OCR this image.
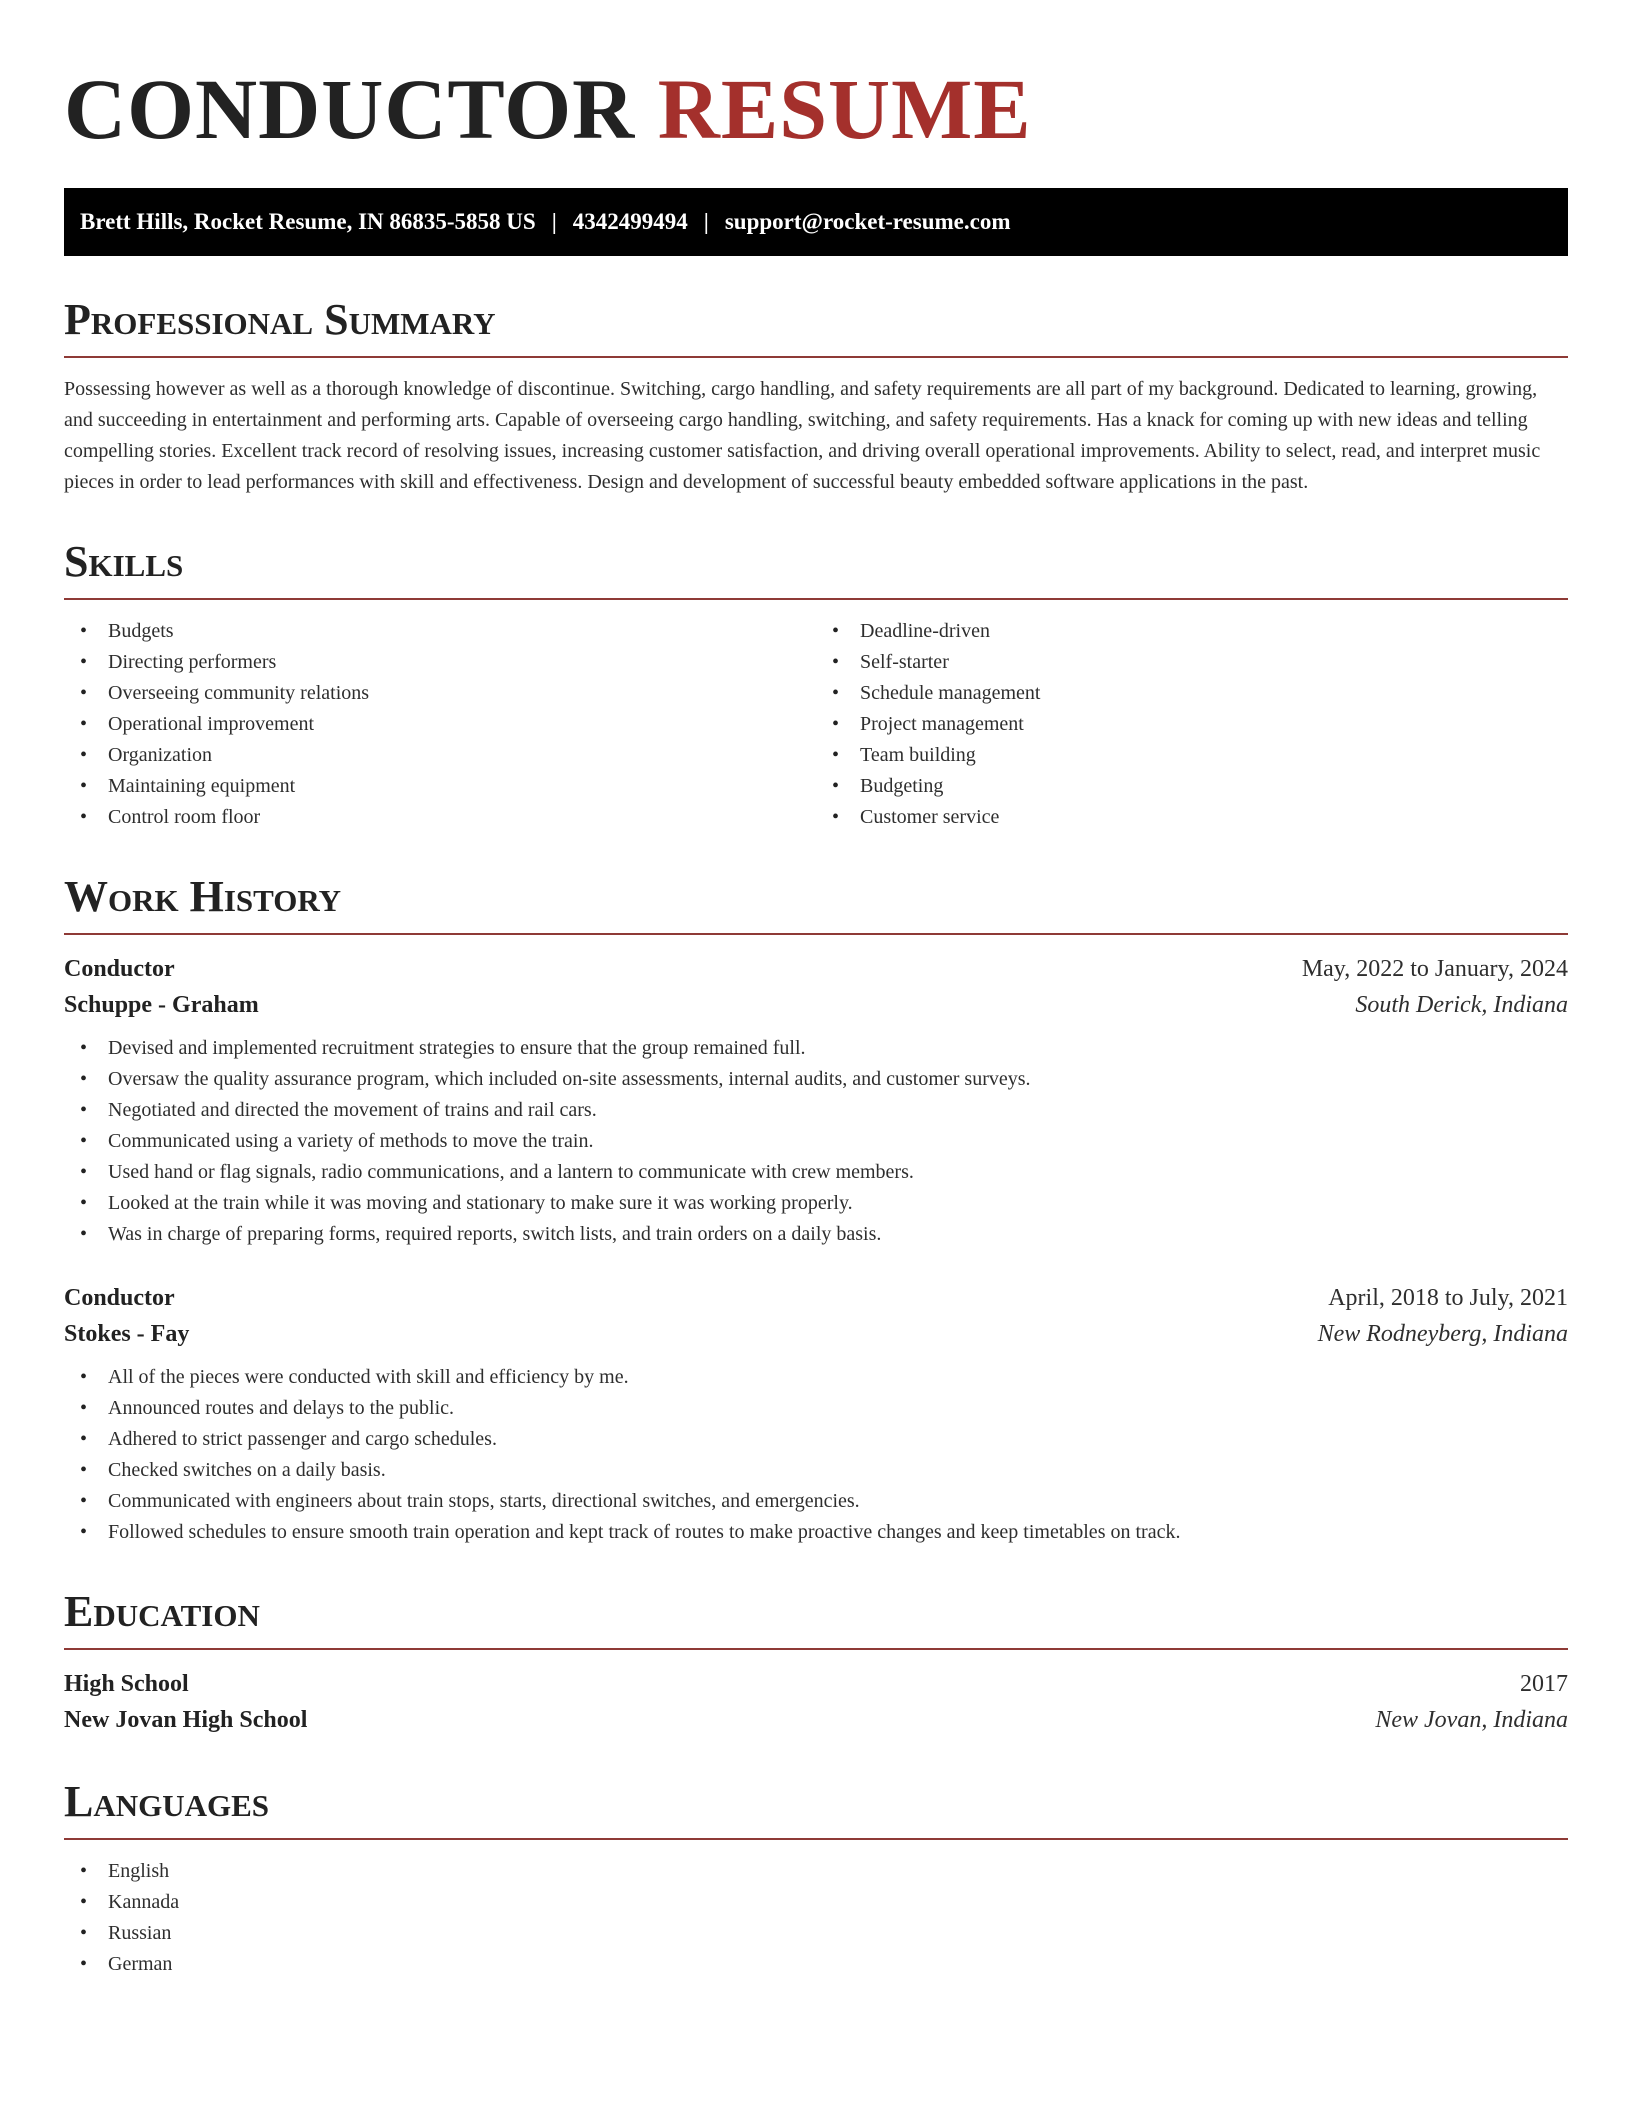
CONDUCTOR RESUME
Brett Hills, Rocket Resume, IN 86835-5858 US | 4342499494 | support@rocket-resume.com
Professional Summary

Possessing however as well as a thorough knowledge of discontinue. Switching, cargo handling, and safety requirements are all part of my background. Dedicated to learning, growing, and succeeding in entertainment and performing arts. Capable of overseeing cargo handling, switching, and safety requirements. Has a knack for coming up with new ideas and telling compelling stories. Excellent track record of resolving issues, increasing customer satisfaction, and driving overall operational improvements. Ability to select, read, and interpret music pieces in order to lead performances with skill and effectiveness. Design and development of successful beauty embedded software applications in the past.

Skills
• Budgets
• Directing performers
• Overseeing community relations
• Operational improvement
• Organization
• Maintaining equipment
• Control room floor
• Deadline-driven
• Self-starter
• Schedule management
• Project management
• Team building
• Budgeting
• Customer service
Work History
Conductor	May, 2022 to January, 2024
Schuppe - Graham	South Derick, Indiana
• Devised and implemented recruitment strategies to ensure that the group remained full.
• Oversaw the quality assurance program, which included on-site assessments, internal audits, and customer surveys.
• Negotiated and directed the movement of trains and rail cars.
• Communicated using a variety of methods to move the train.
• Used hand or flag signals, radio communications, and a lantern to communicate with crew members.
• Looked at the train while it was moving and stationary to make sure it was working properly.
• Was in charge of preparing forms, required reports, switch lists, and train orders on a daily basis.
Conductor	April, 2018 to July, 2021
Stokes - Fay	New Rodneyberg, Indiana
• All of the pieces were conducted with skill and efficiency by me.
• Announced routes and delays to the public.
• Adhered to strict passenger and cargo schedules.
• Checked switches on a daily basis.
• Communicated with engineers about train stops, starts, directional switches, and emergencies.
• Followed schedules to ensure smooth train operation and kept track of routes to make proactive changes and keep timetables on track.
Education
High School	2017
New Jovan High School	New Jovan, Indiana
Languages
• English
• Kannada
• Russian
• German
